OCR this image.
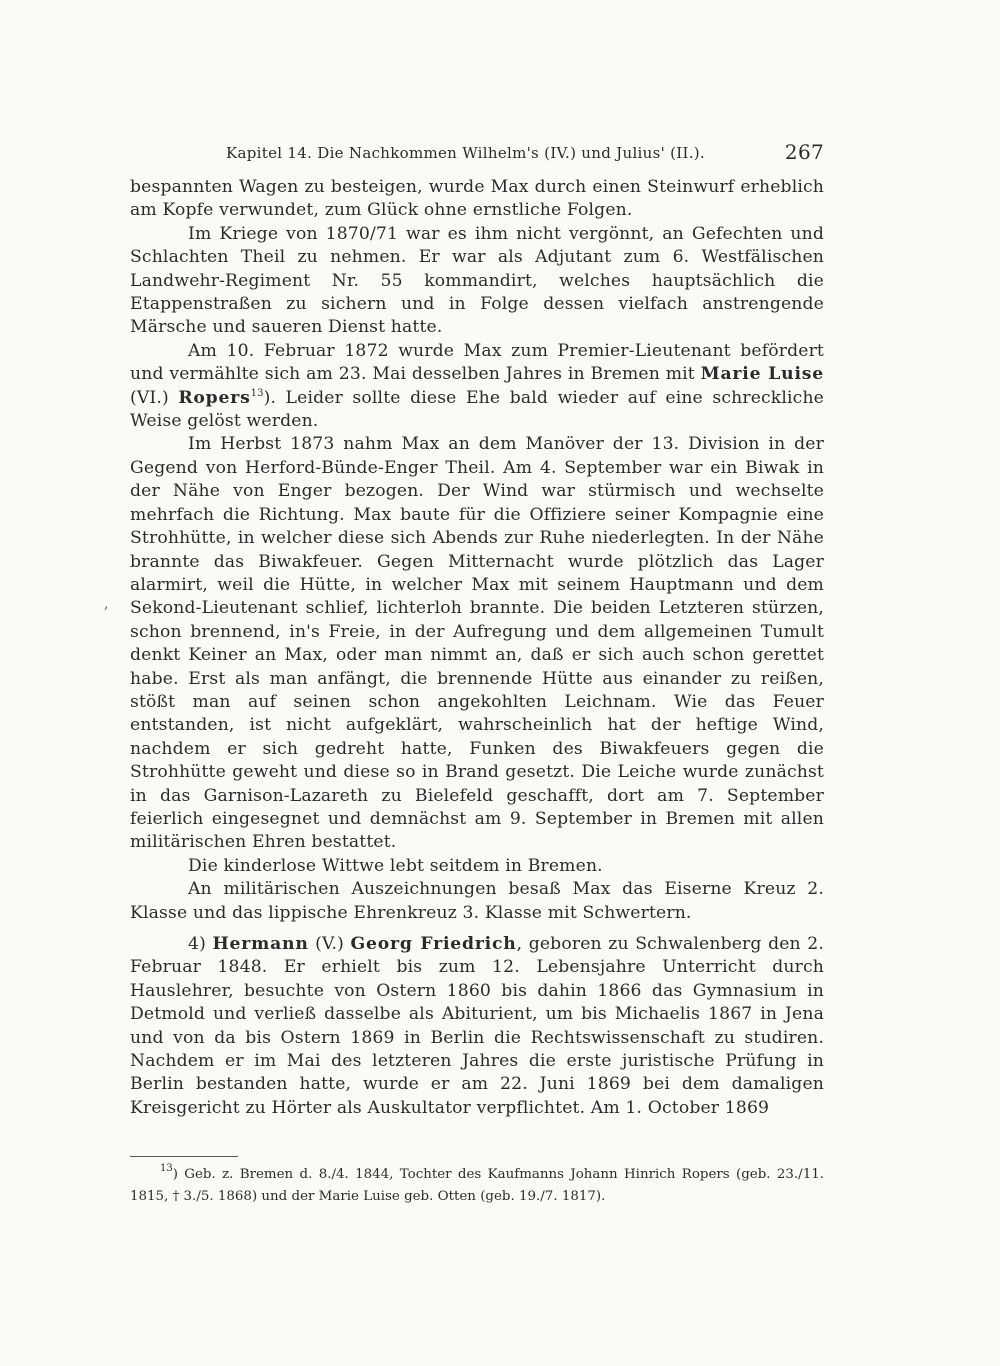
Kapitel 14. Die Nachkommen Wilhelm's (IV.) und Julius' (II.).	267
,

bespannten Wagen zu besteigen, wurde Max durch einen Steinwurf erheblich am Kopfe verwundet, zum Glück ohne ernstliche Folgen.

Im Kriege von 1870/71 war es ihm nicht vergönnt, an Gefechten und Schlachten Theil zu nehmen. Er war als Adjutant zum 6. Westfälischen Landwehr-Regiment Nr. 55 kommandirt, welches hauptsächlich die Etappenstraßen zu sichern und in Folge dessen vielfach anstrengende Märsche und saueren Dienst hatte.

Am 10. Februar 1872 wurde Max zum Premier-Lieutenant befördert und vermählte sich am 23. Mai desselben Jahres in Bremen mit Marie Luise (VI.) Ropers$^{13}$). Leider sollte diese Ehe bald wieder auf eine schreckliche Weise gelöst werden.

Im Herbst 1873 nahm Max an dem Manöver der 13. Division in der Gegend von Herford-Bünde-Enger Theil. Am 4. September war ein Biwak in der Nähe von Enger bezogen. Der Wind war stürmisch und wechselte mehrfach die Richtung. Max baute für die Offiziere seiner Kompagnie eine Strohhütte, in welcher diese sich Abends zur Ruhe niederlegten. In der Nähe brannte das Biwakfeuer. Gegen Mitternacht wurde plötzlich das Lager alarmirt, weil die Hütte, in welcher Max mit seinem Hauptmann und dem Sekond-Lieutenant schlief, lichterloh brannte. Die beiden Letzteren stürzen, schon brennend, in's Freie, in der Aufregung und dem allgemeinen Tumult denkt Keiner an Max, oder man nimmt an, daß er sich auch schon gerettet habe. Erst als man anfängt, die brennende Hütte aus einander zu reißen, stößt man auf seinen schon angekohlten Leichnam. Wie das Feuer entstanden, ist nicht aufgeklärt, wahrscheinlich hat der heftige Wind, nachdem er sich gedreht hatte, Funken des Biwakfeuers gegen die Strohhütte geweht und diese so in Brand gesetzt. Die Leiche wurde zunächst in das Garnison-Lazareth zu Bielefeld geschafft, dort am 7. September feierlich eingesegnet und demnächst am 9. September in Bremen mit allen militärischen Ehren bestattet.

Die kinderlose Wittwe lebt seitdem in Bremen.

An militärischen Auszeichnungen besaß Max das Eiserne Kreuz 2. Klasse und das lippische Ehrenkreuz 3. Klasse mit Schwertern.

4) Hermann (V.) Georg Friedrich, geboren zu Schwalenberg den 2. Februar 1848. Er erhielt bis zum 12. Lebensjahre Unterricht durch Hauslehrer, besuchte von Ostern 1860 bis dahin 1866 das Gymnasium in Detmold und verließ dasselbe als Abiturient, um bis Michaelis 1867 in Jena und von da bis Ostern 1869 in Berlin die Rechtswissenschaft zu studiren. Nachdem er im Mai des letzteren Jahres die erste juristische Prüfung in Berlin bestanden hatte, wurde er am 22. Juni 1869 bei dem damaligen Kreisgericht zu Hörter als Auskultator verpflichtet. Am 1. October 1869

$^{13}$) Geb. z. Bremen d. 8./4. 1844, Tochter des Kaufmanns Johann Hinrich Ropers (geb. 23./11. 1815, † 3./5. 1868) und der Marie Luise geb. Otten (geb. 19./7. 1817).
